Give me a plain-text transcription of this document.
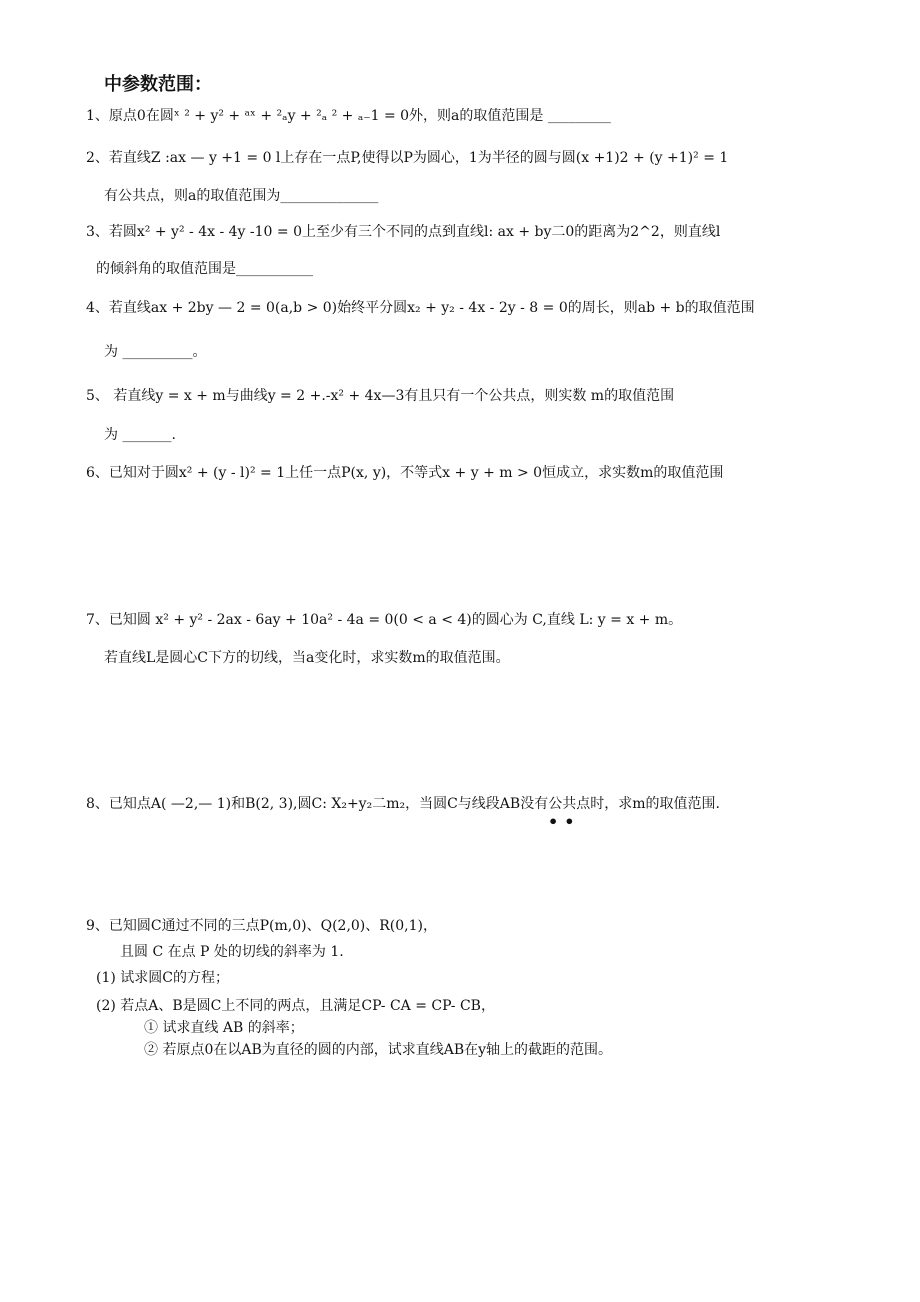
中参数范围：
1、原点0在圆ˣ ² + y² + ᵃˣ + ²ₐy + ²ₐ ² + ₐ₋1 = 0外，则a的取值范围是 _________
2、若直线Z :ax — y +1 = 0 l上存在一点P,使得以P为圆心，1为半径的圆与圆(x +1)2 + (y +1)² = 1
有公共点，则a的取值范围为______________
3、若圆x² + y² - 4x - 4y -10 = 0上至少有三个不同的点到直线l: ax + by二0的距离为2^2，则直线l
的倾斜角的取值范围是___________
4、若直线ax + 2by — 2 = 0(a,b > 0)始终平分圆x₂ + y₂ - 4x - 2y - 8 = 0的周长，则ab + b的取值范围
为 __________。
5、 若直线y = x + m与曲线y = 2 +.-x² + 4x—3有且只有一个公共点，则实数 m的取值范围
为 _______.
6、已知对于圆x² + (y - l)² = 1上任一点P(x, y)，不等式x + y + m > 0恒成立，求实数m的取值范围
7、已知圆 x² + y² - 2ax - 6ay + 10a² - 4a = 0(0 < a < 4)的圆心为 C,直线 L: y = x + m。
若直线L是圆心C下方的切线，当a变化时，求实数m的取值范围。
8、已知点A( —2,— 1)和B(2, 3),圆C: X₂+y₂二m₂，当圆C与线段AB没有公共点时，求m的取值范围.
••
9、已知圆C通过不同的三点P(m,0)、Q(2,0)、R(0,1)，
且圆 C 在点 P 处的切线的斜率为 1.
(1) 试求圆C的方程；
(2) 若点A、B是圆C上不同的两点，且满足CP- CA = CP- CB，
① 试求直线 AB 的斜率；
② 若原点0在以AB为直径的圆的内部，试求直线AB在y轴上的截距的范围。
